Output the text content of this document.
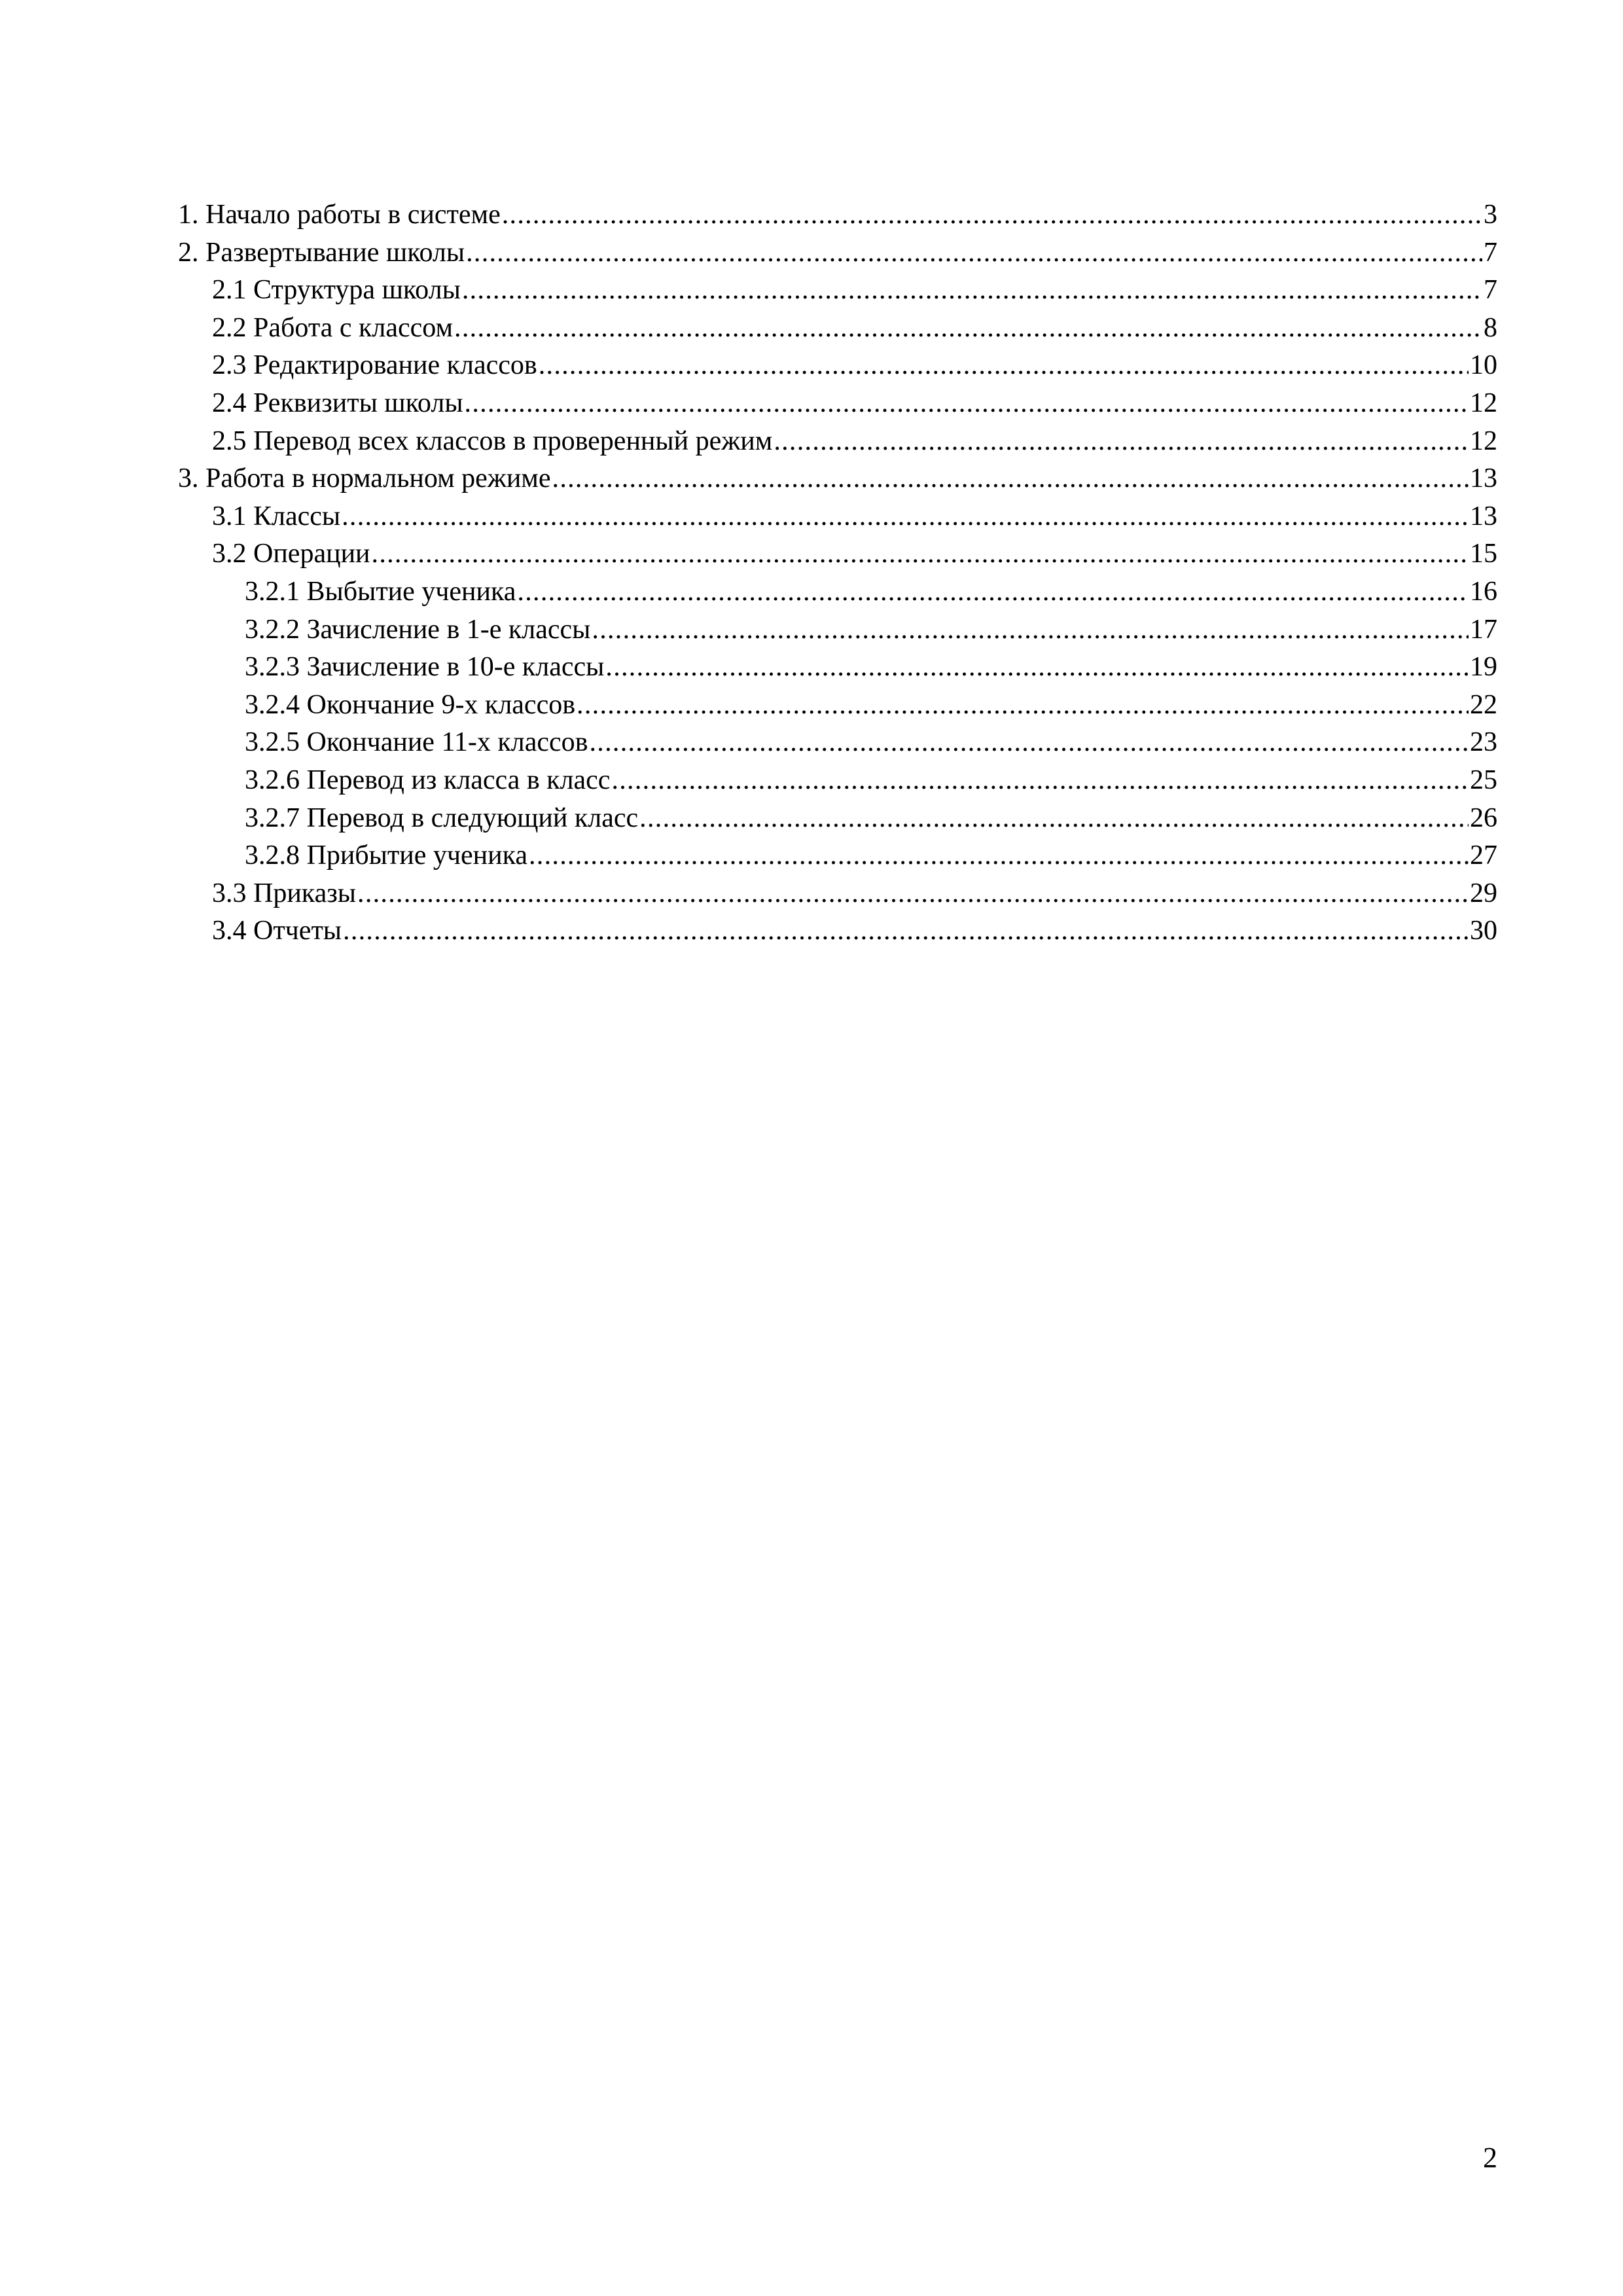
1. Начало работы в системе . . .	3
2. Развертывание школы . . .	7
2.1 Структура школы . . .	7
2.2 Работа с классом . . .	8
2.3 Редактирование классов . . .	10
2.4 Реквизиты школы . . .	12
2.5 Перевод всех классов в проверенный режим . . .	12
3. Работа в нормальном режиме . . .	13
3.1 Классы . . .	13
3.2 Операции . . .	15
3.2.1 Выбытие ученика . . .	16
3.2.2 Зачисление в 1-е классы . . .	17
3.2.3 Зачисление в 10-е классы . . .	19
3.2.4 Окончание 9-х классов . . .	22
3.2.5 Окончание 11-х классов . . .	23
3.2.6 Перевод из класса в класс . . .	25
3.2.7 Перевод в следующий класс . . .	26
3.2.8 Прибытие ученика . . .	27
3.3 Приказы . . .	29
3.4 Отчеты . . .	30
2
